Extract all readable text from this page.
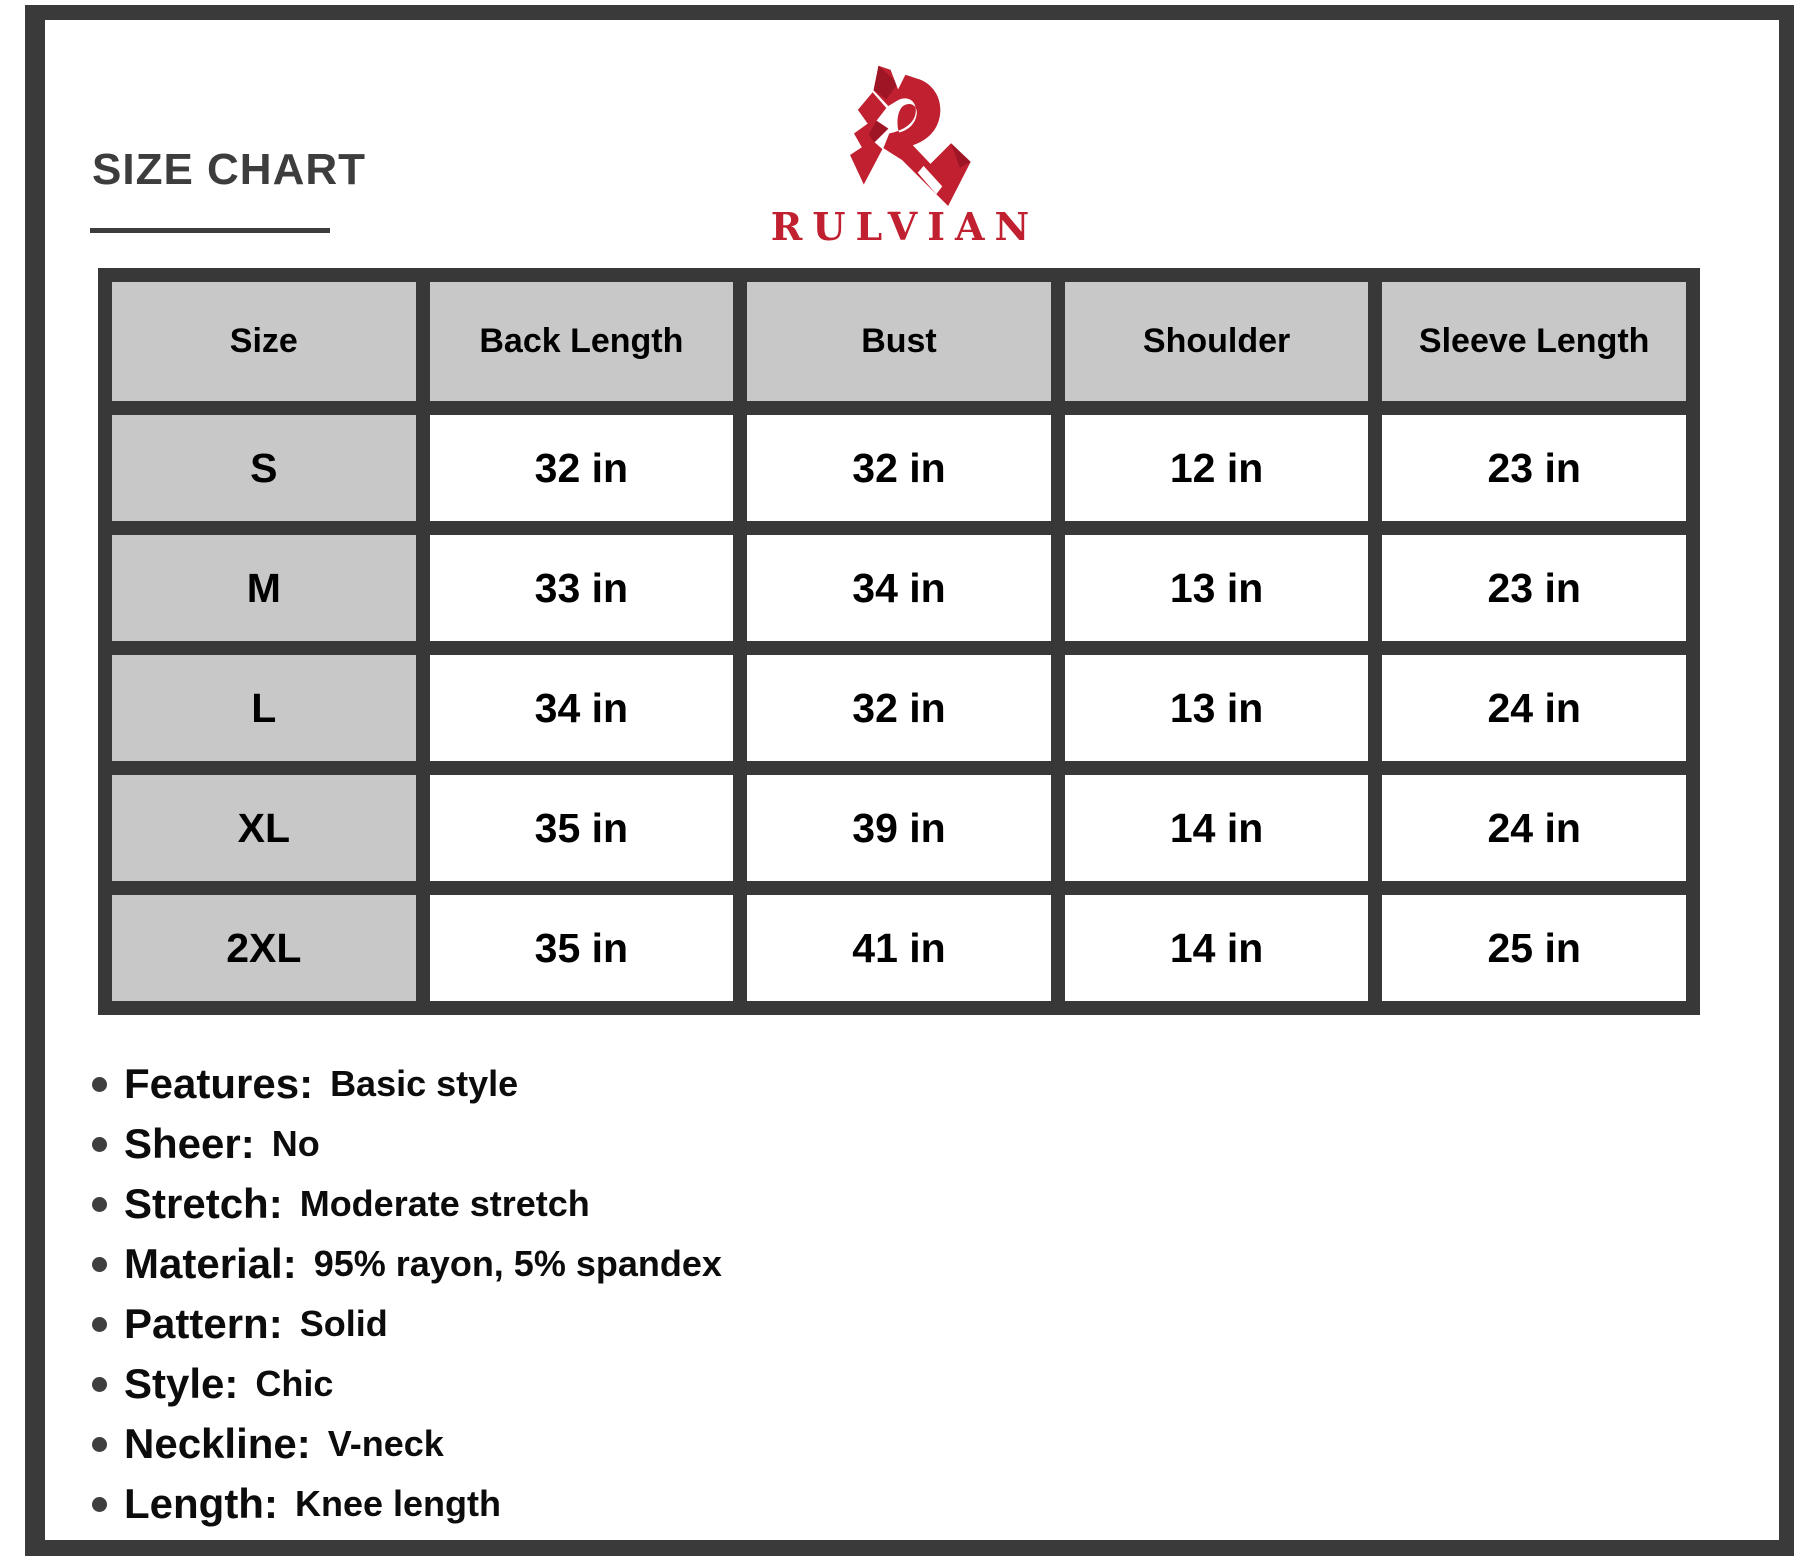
SIZE CHART
RULVIAN
Size	Back Length	Bust	Shoulder	Sleeve Length
S	32 in	32 in	12 in	23 in
M	33 in	34 in	13 in	23 in
L	34 in	32 in	13 in	24 in
XL	35 in	39 in	14 in	24 in
2XL	35 in	41 in	14 in	25 in
Features: Basic style
Sheer: No
Stretch: Moderate stretch
Material: 95% rayon, 5% spandex
Pattern: Solid
Style: Chic
Neckline: V-neck
Length: Knee length
